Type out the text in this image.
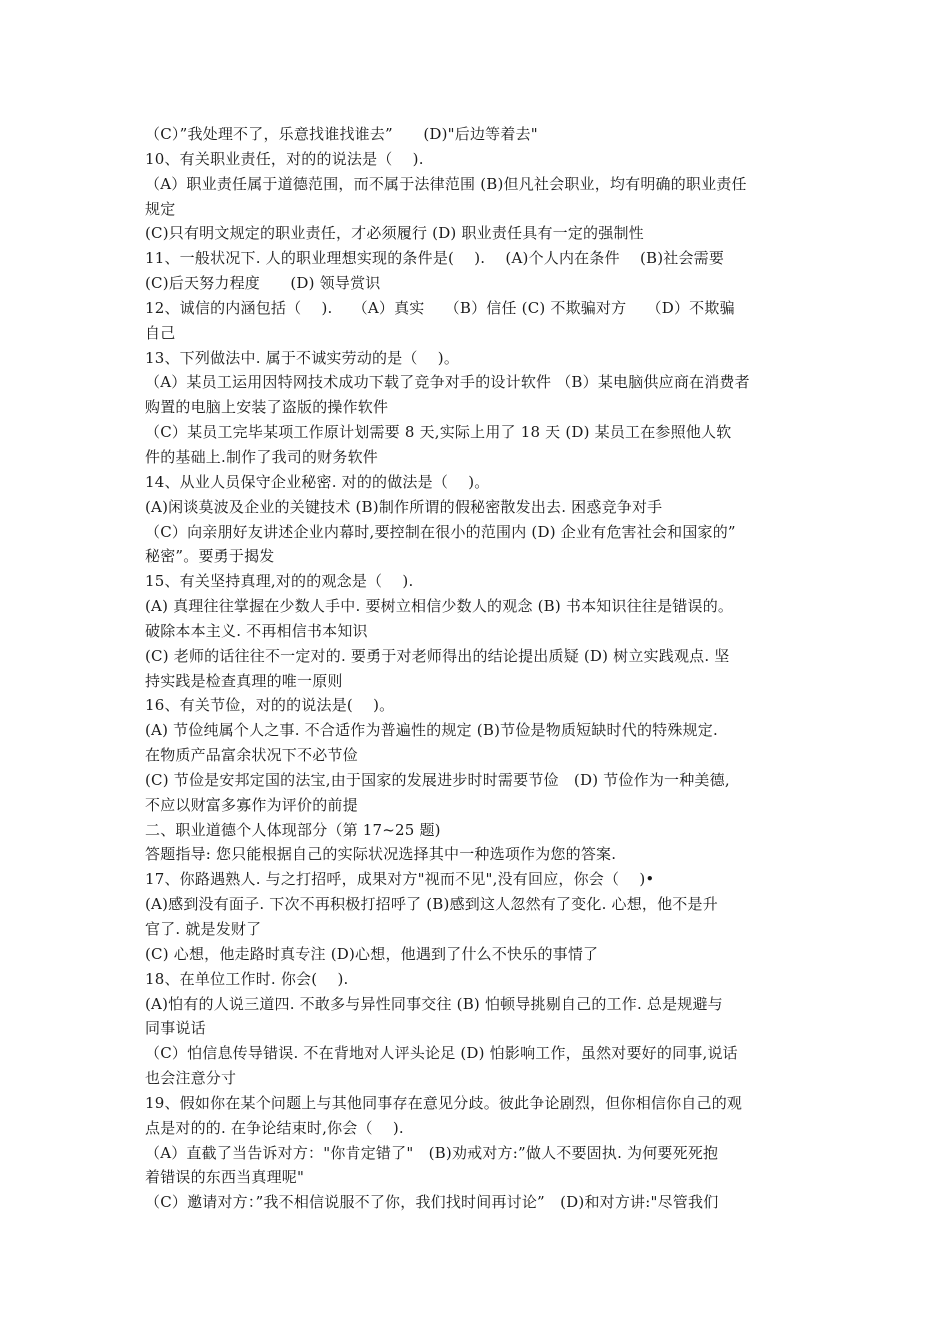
（C）”我处理不了，乐意找谁找谁去”　　(D)"后边等着去"
10、有关职业责任，对的的说法是（　 ).
（A）职业责任属于道德范围，而不属于法律范围 (B)但凡社会职业，均有明确的职业责任
规定
(C)只有明文规定的职业责任，才必须履行 (D) 职业责任具有一定的强制性
11、一般状况下. 人的职业理想实现的条件是(　 ).　 (A)个人内在条件　 (B)社会需要
(C)后天努力程度　　(D) 领导赏识
12、诚信的内涵包括（　 ).　 （A）真实　 （B）信任 (C) 不欺骗对方　 （D）不欺骗
自己
13、下列做法中. 属于不诚实劳动的是（　 )。
（A）某员工运用因特网技术成功下载了竞争对手的设计软件 （B）某电脑供应商在消费者
购置的电脑上安装了盗版的操作软件
（C）某员工完毕某项工作原计划需要 8 天,实际上用了 18 天 (D) 某员工在参照他人软
件的基础上.制作了我司的财务软件
14、从业人员保守企业秘密. 对的的做法是（　 )。
(A)闲谈莫波及企业的关键技术 (B)制作所谓的假秘密散发出去. 困惑竞争对手
（C）向亲朋好友讲述企业内幕时,要控制在很小的范围内 (D) 企业有危害社会和国家的”
秘密”。要勇于揭发
15、有关坚持真理,对的的观念是（　 ).
(A) 真理往往掌握在少数人手中. 要树立相信少数人的观念 (B) 书本知识往往是错误的。
破除本本主义. 不再相信书本知识
(C) 老师的话往往不一定对的. 要勇于对老师得出的结论提出质疑 (D) 树立实践观点. 坚
持实践是检查真理的唯一原则
16、有关节俭，对的的说法是(　 )。
(A) 节俭纯属个人之事. 不合适作为普遍性的规定 (B)节俭是物质短缺时代的特殊规定.
在物质产品富余状况下不必节俭
(C) 节俭是安邦定国的法宝,由于国家的发展进步时时需要节俭　(D) 节俭作为一种美德,
不应以财富多寡作为评价的前提
二、职业道德个人体现部分（第 17~25 题)
答题指导: 您只能根据自己的实际状况选择其中一种选项作为您的答案.
17、你路遇熟人. 与之打招呼，成果对方"视而不见",没有回应，你会（　 )•
(A)感到没有面子. 下次不再积极打招呼了 (B)感到这人忽然有了变化. 心想，他不是升
官了. 就是发财了
(C) 心想，他走路时真专注 (D)心想，他遇到了什么不快乐的事情了
18、在单位工作时. 你会(　 ).
(A)怕有的人说三道四. 不敢多与异性同事交往 (B) 怕顿导挑剔自己的工作. 总是规避与
同事说话
（C）怕信息传导错误. 不在背地对人评头论足 (D) 怕影响工作，虽然对要好的同事,说话
也会注意分寸
19、假如你在某个问题上与其他同事存在意见分歧。彼此争论剧烈，但你相信你自己的观
点是对的的. 在争论结束时,你会（　 ).
（A）直截了当告诉对方："你肯定错了"　(B)劝戒对方:”做人不要固执. 为何要死死抱
着错误的东西当真理呢"
（C）邀请对方：”我不相信说服不了你，我们找时间再讨论”　(D)和对方讲:"尽管我们
